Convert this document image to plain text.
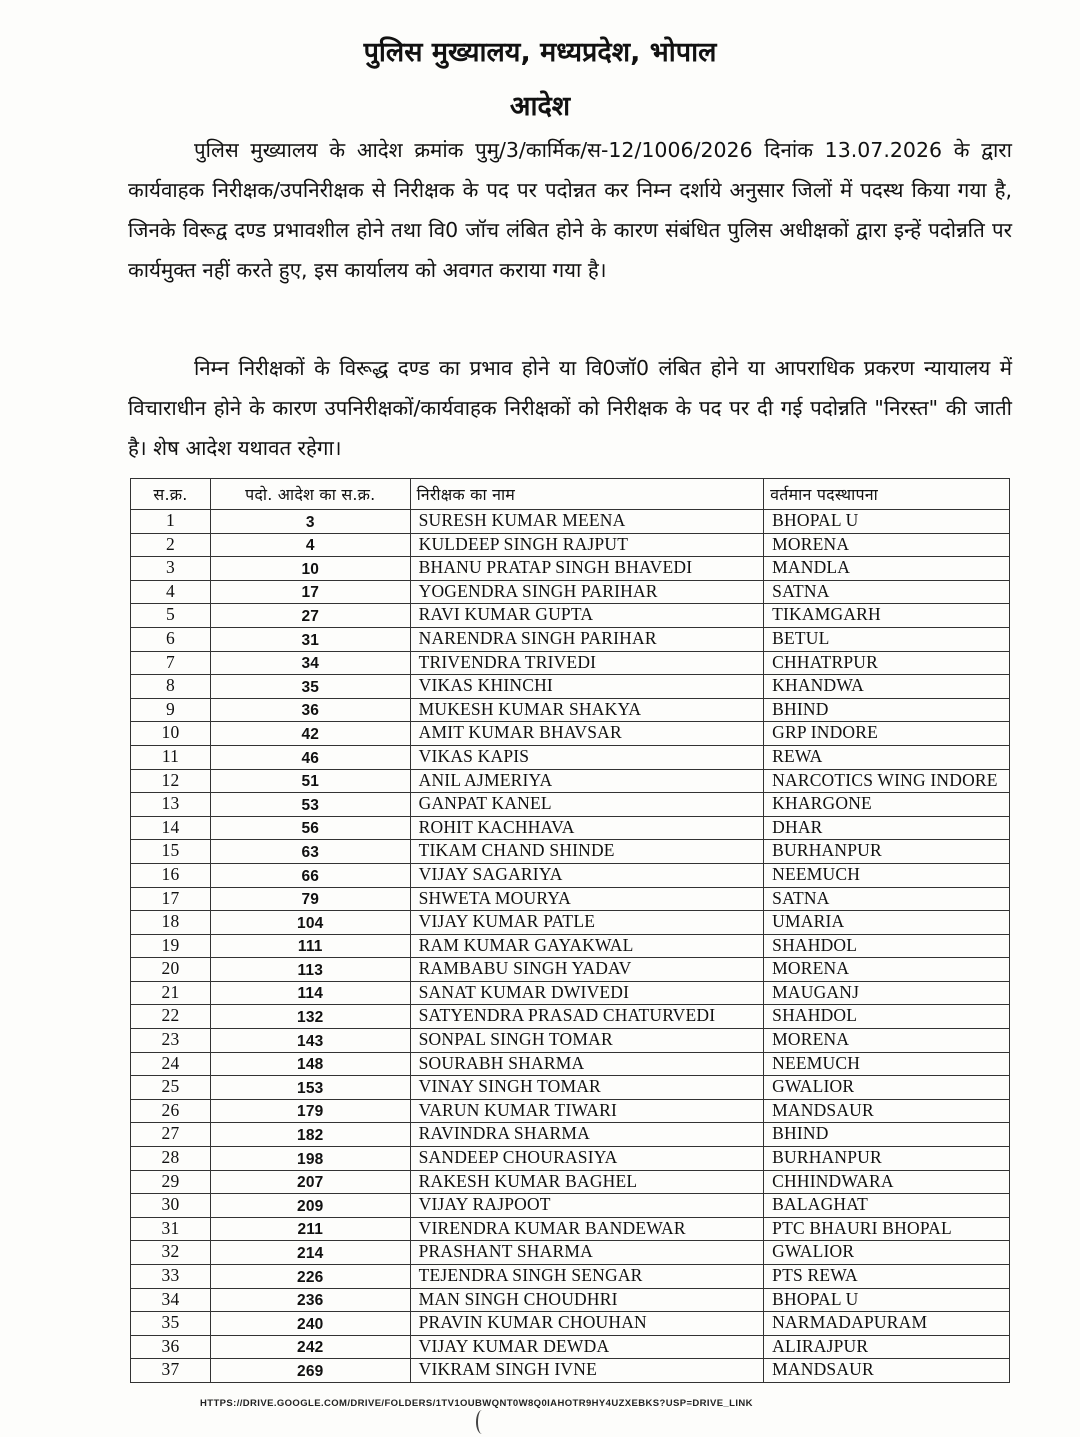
पुलिस मुख्यालय, मध्यप्रदेश, भोपाल
आदेश
पुलिस मुख्यालय के आदेश क्रमांक पुमु/3/कार्मिक/स-12/1006/2026 दिनांक 13.07.2026 के द्वारा कार्यवाहक निरीक्षक/उपनिरीक्षक से निरीक्षक के पद पर पदोन्नत कर निम्न दर्शाये अनुसार जिलों में पदस्थ किया गया है, जिनके विरूद्व दण्ड प्रभावशील होने तथा वि0 जॉच लंबित होने के कारण संबंधित पुलिस अधीक्षकों द्वारा इन्हें पदोन्नति पर कार्यमुक्त नहीं करते हुए, इस कार्यालय को अवगत कराया गया है।
निम्न निरीक्षकों के विरूद्ध दण्ड का प्रभाव होने या वि0जॉ0 लंबित होने या आपराधिक प्रकरण न्यायालय में विचाराधीन होने के कारण उपनिरीक्षकों/कार्यवाहक निरीक्षकों को निरीक्षक के पद पर दी गई पदोन्नति "निरस्त" की जाती है। शेष आदेश यथावत रहेगा।
स.क्र.	पदो. आदेश का स.क्र.	निरीक्षक का नाम	वर्तमान पदस्थापना
1	3	SURESH KUMAR MEENA	BHOPAL U
2	4	KULDEEP SINGH RAJPUT	MORENA
3	10	BHANU PRATAP SINGH BHAVEDI	MANDLA
4	17	YOGENDRA SINGH PARIHAR	SATNA
5	27	RAVI KUMAR GUPTA	TIKAMGARH
6	31	NARENDRA SINGH PARIHAR	BETUL
7	34	TRIVENDRA TRIVEDI	CHHATRPUR
8	35	VIKAS KHINCHI	KHANDWA
9	36	MUKESH KUMAR SHAKYA	BHIND
10	42	AMIT KUMAR BHAVSAR	GRP INDORE
11	46	VIKAS KAPIS	REWA
12	51	ANIL AJMERIYA	NARCOTICS WING INDORE
13	53	GANPAT KANEL	KHARGONE
14	56	ROHIT KACHHAVA	DHAR
15	63	TIKAM CHAND SHINDE	BURHANPUR
16	66	VIJAY SAGARIYA	NEEMUCH
17	79	SHWETA MOURYA	SATNA
18	104	VIJAY KUMAR PATLE	UMARIA
19	111	RAM KUMAR GAYAKWAL	SHAHDOL
20	113	RAMBABU SINGH YADAV	MORENA
21	114	SANAT KUMAR DWIVEDI	MAUGANJ
22	132	SATYENDRA PRASAD CHATURVEDI	SHAHDOL
23	143	SONPAL SINGH TOMAR	MORENA
24	148	SOURABH SHARMA	NEEMUCH
25	153	VINAY SINGH TOMAR	GWALIOR
26	179	VARUN KUMAR TIWARI	MANDSAUR
27	182	RAVINDRA SHARMA	BHIND
28	198	SANDEEP CHOURASIYA	BURHANPUR
29	207	RAKESH KUMAR BAGHEL	CHHINDWARA
30	209	VIJAY RAJPOOT	BALAGHAT
31	211	VIRENDRA KUMAR BANDEWAR	PTC BHAURI BHOPAL
32	214	PRASHANT SHARMA	GWALIOR
33	226	TEJENDRA SINGH SENGAR	PTS REWA
34	236	MAN SINGH CHOUDHRI	BHOPAL U
35	240	PRAVIN KUMAR CHOUHAN	NARMADAPURAM
36	242	VIJAY KUMAR DEWDA	ALIRAJPUR
37	269	VIKRAM SINGH IVNE	MANDSAUR
HTTPS://DRIVE.GOOGLE.COM/DRIVE/FOLDERS/1TV1OUBWQNT0W8Q0IAHOTR9HY4UZXEBKS?USP=DRIVE_LINK
